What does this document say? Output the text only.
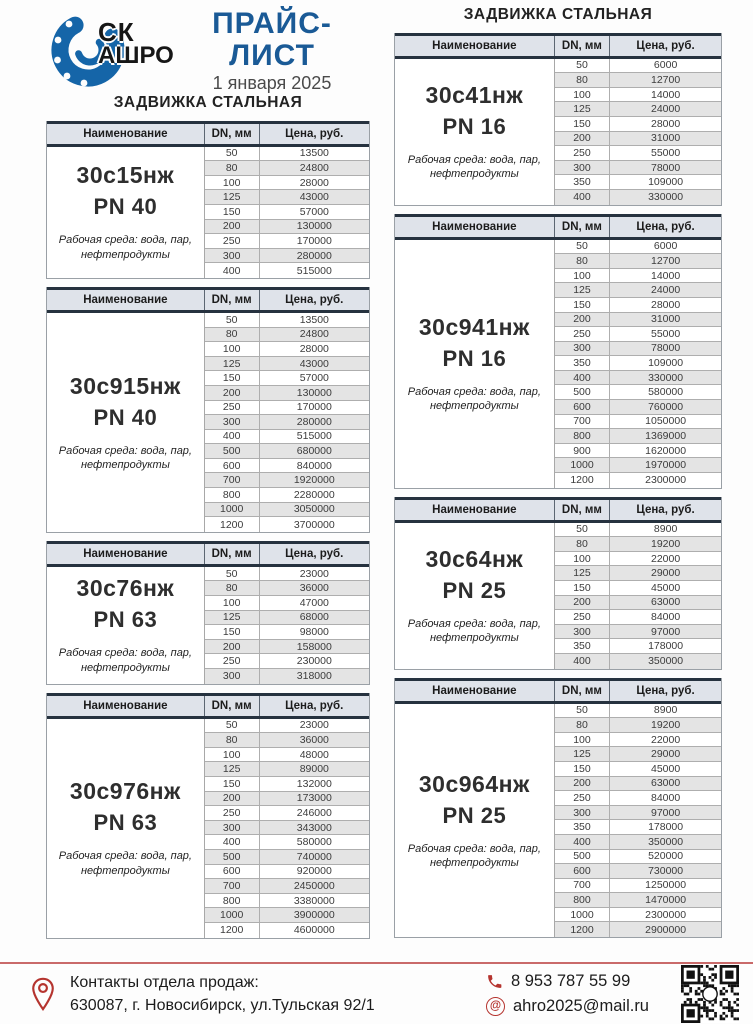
СК
АШРО
ПРАЙС-ЛИСТ
1 января 2025
ЗАДВИЖКА СТАЛЬНАЯ
Наименование	DN, мм	Цена, руб.
30с15нж
PN 40
Рабочая среда: вода, пар, нефтепродукты
50	13500
80	24800
100	28000
125	43000
150	57000
200	130000
250	170000
300	280000
400	515000
Наименование	DN, мм	Цена, руб.
30с915нж
PN 40
Рабочая среда: вода, пар, нефтепродукты
50	13500
80	24800
100	28000
125	43000
150	57000
200	130000
250	170000
300	280000
400	515000
500	680000
600	840000
700	1920000
800	2280000
1000	3050000
1200	3700000
Наименование	DN, мм	Цена, руб.
30с76нж
PN 63
Рабочая среда: вода, пар, нефтепродукты
50	23000
80	36000
100	47000
125	68000
150	98000
200	158000
250	230000
300	318000
Наименование	DN, мм	Цена, руб.
30с976нж
PN 63
Рабочая среда: вода, пар, нефтепродукты
50	23000
80	36000
100	48000
125	89000
150	132000
200	173000
250	246000
300	343000
400	580000
500	740000
600	920000
700	2450000
800	3380000
1000	3900000
1200	4600000
ЗАДВИЖКА СТАЛЬНАЯ
Наименование	DN, мм	Цена, руб.
30с41нж
PN 16
Рабочая среда: вода, пар, нефтепродукты
50	6000
80	12700
100	14000
125	24000
150	28000
200	31000
250	55000
300	78000
350	109000
400	330000
Наименование	DN, мм	Цена, руб.
30с941нж
PN 16
Рабочая среда: вода, пар, нефтепродукты
50	6000
80	12700
100	14000
125	24000
150	28000
200	31000
250	55000
300	78000
350	109000
400	330000
500	580000
600	760000
700	1050000
800	1369000
900	1620000
1000	1970000
1200	2300000
Наименование	DN, мм	Цена, руб.
30с64нж
PN 25
Рабочая среда: вода, пар, нефтепродукты
50	8900
80	19200
100	22000
125	29000
150	45000
200	63000
250	84000
300	97000
350	178000
400	350000
Наименование	DN, мм	Цена, руб.
30с964нж
PN 25
Рабочая среда: вода, пар, нефтепродукты
50	8900
80	19200
100	22000
125	29000
150	45000
200	63000
250	84000
300	97000
350	178000
400	350000
500	520000
600	730000
700	1250000
800	1470000
1000	2300000
1200	2900000
Контакты отдела продаж:
630087, г. Новосибирск, ул.Тульская 92/1
8 953 787 55 99
@ ahro2025@mail.ru
